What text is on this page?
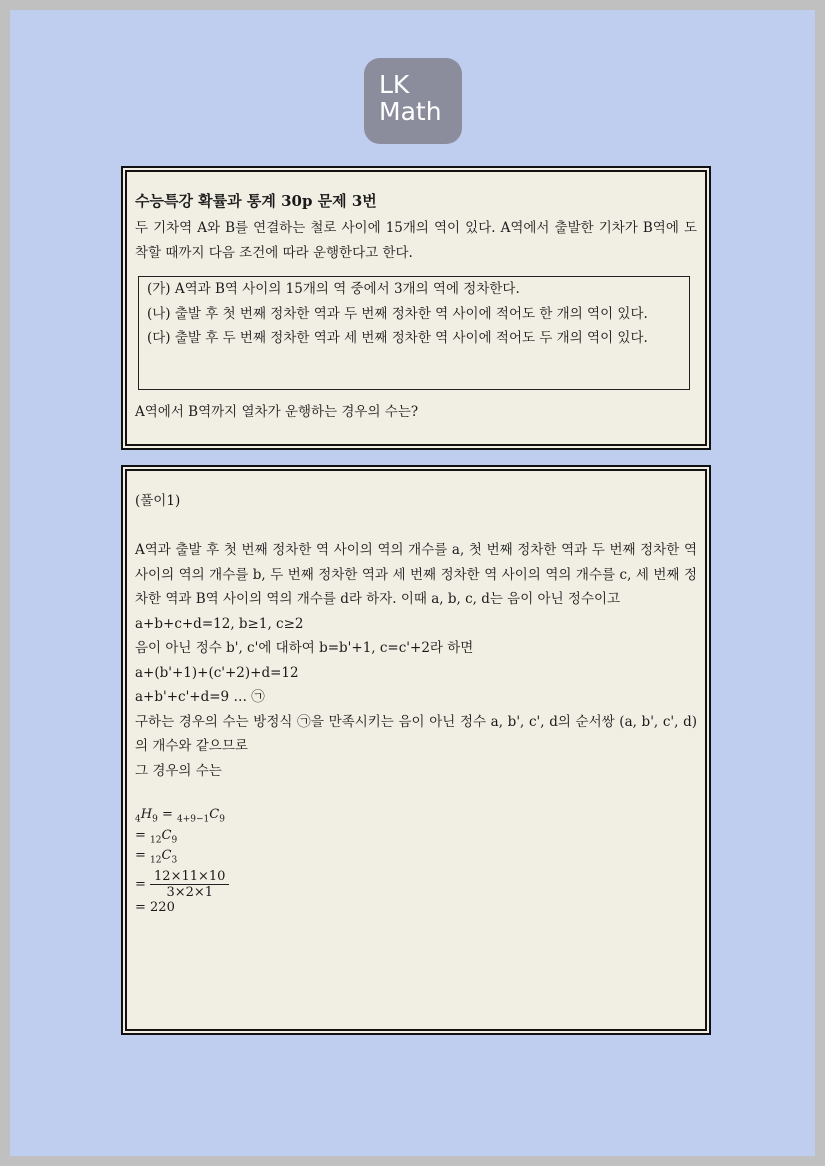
LK
Math
수능특강 확률과 통계 30p 문제 3번
두 기차역 A와 B를 연결하는 철로 사이에 15개의 역이 있다. A역에서 출발한 기차가 B역에 도착할 때까지 다음 조건에 따라 운행한다고 한다.
(가) A역과 B역 사이의 15개의 역 중에서 3개의 역에 정차한다.
(나) 출발 후 첫 번째 정차한 역과 두 번째 정차한 역 사이에 적어도 한 개의 역이 있다.
(다) 출발 후 두 번째 정차한 역과 세 번째 정차한 역 사이에 적어도 두 개의 역이 있다.
A역에서 B역까지 열차가 운행하는 경우의 수는?
(풀이1)
A역과 출발 후 첫 번째 정차한 역 사이의 역의 개수를 a, 첫 번째 정차한 역과 두 번째 정차한 역 사이의 역의 개수를 b, 두 번째 정차한 역과 세 번째 정차한 역 사이의 역의 개수를 c, 세 번째 정차한 역과 B역 사이의 역의 개수를 d라 하자. 이때 a, b, c, d는 음이 아닌 정수이고
a+b+c+d=12, b≥1, c≥2
음이 아닌 정수 b', c'에 대하여 b=b'+1, c=c'+2라 하면
a+(b'+1)+(c'+2)+d=12
a+b'+c'+d=9 … ㉠
구하는 경우의 수는 방정식 ㉠을 만족시키는 음이 아닌 정수 a, b', c', d의 순서쌍 (a, b', c', d)의 개수와 같으므로
그 경우의 수는
$_4H_9 = _{4+9-1}C_9$
= $_{12}C_9$
= $_{12}C_3$
= $\frac{12\times 11\times 10}{3\times 2\times 1}$
= 220
